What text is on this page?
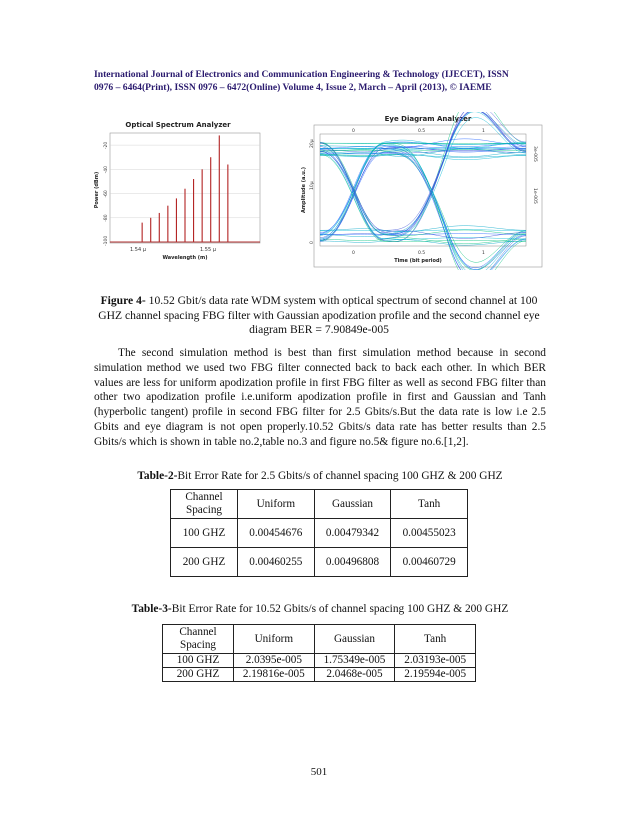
International Journal of Electronics and Communication Engineering & Technology (IJECET), ISSN
0976 – 6464(Print), ISSN 0976 – 6472(Online) Volume 4, Issue 2, March – April (2013), © IAEME
Optical Spectrum Analyzer
-20
-40
-60
-80
-100
1.54 µ	1.55 µ
Wavelength (m)
Power (dBm)
Eye Diagram Analyzer
0	0.5	1
20µ
10µ
0
3e-005
1e-005
0	0.5	1
Time (bit period)
Amplitude (a.u.)
Figure 4- 10.52 Gbit/s data rate WDM system with optical spectrum of second channel at 100 GHZ channel spacing FBG filter with Gaussian apodization profile and the second channel eye diagram BER = 7.90849e-005
The second simulation method is best than first simulation method because in second simulation method we used two FBG filter connected back to back each other. In which BER values are less for uniform apodization profile in first FBG filter as well as second FBG filter than other two apodization profile i.e.uniform apodization profile in first and Gaussian and Tanh (hyperbolic tangent) profile in second FBG filter for 2.5 Gbits/s.But the data rate is low i.e 2.5 Gbits and eye diagram is not open properly.10.52 Gbits/s data rate has better results than 2.5 Gbits/s which is shown in table no.2,table no.3 and figure no.5& figure no.6.[1,2].
Table-2-Bit Error Rate for 2.5 Gbits/s of channel spacing 100 GHZ & 200 GHZ
Channel Spacing	Uniform	Gaussian	Tanh
100 GHZ	0.00454676	0.00479342	0.00455023
200 GHZ	0.00460255	0.00496808	0.00460729
Table-3-Bit Error Rate for 10.52 Gbits/s of channel spacing 100 GHZ & 200 GHZ
Channel Spacing	Uniform	Gaussian	Tanh
100 GHZ	2.0395e-005	1.75349e-005	2.03193e-005
200 GHZ	2.19816e-005	2.0468e-005	2.19594e-005
501
